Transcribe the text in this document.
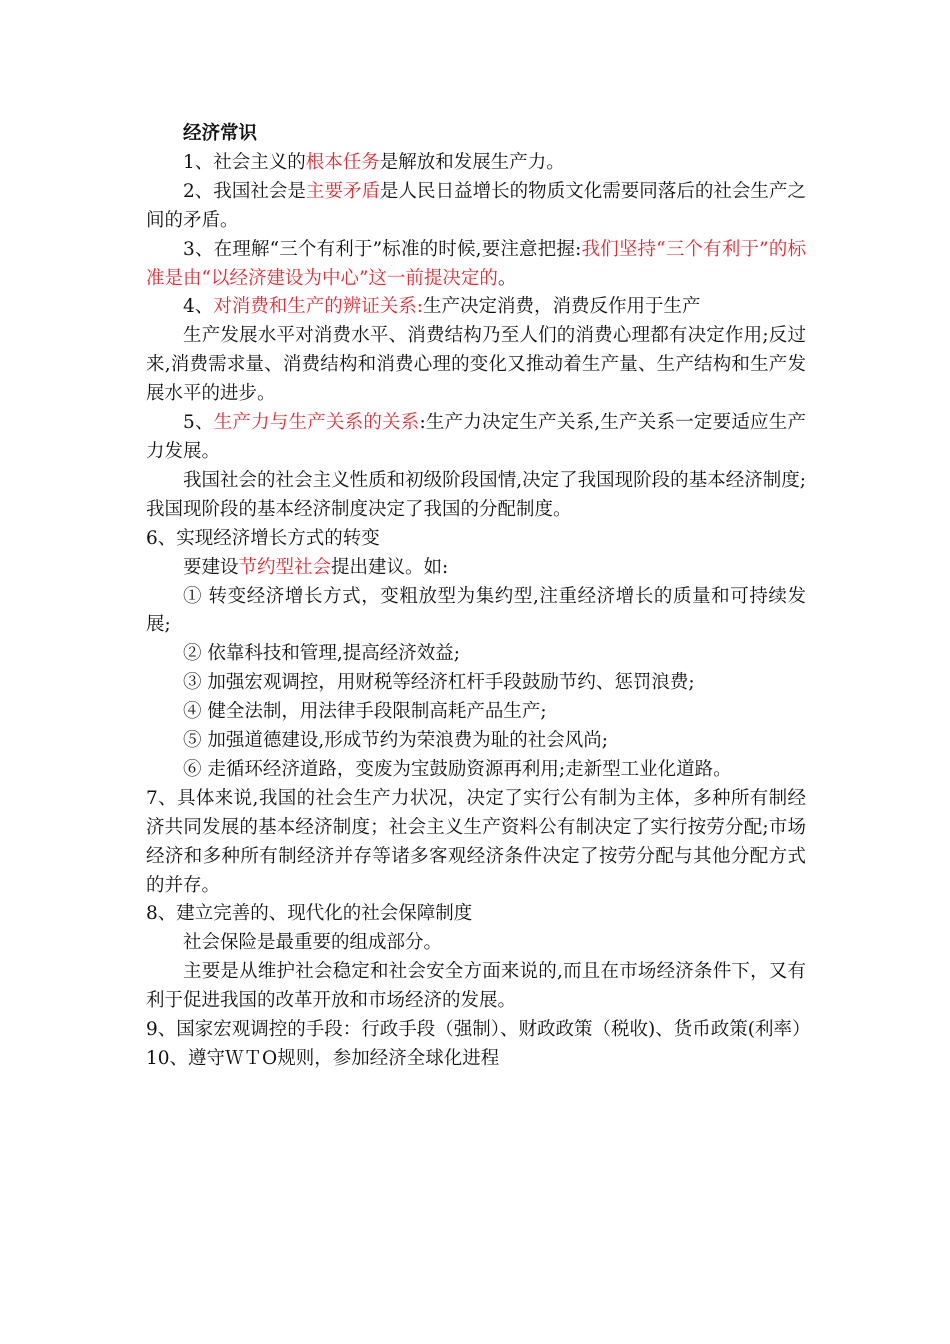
经济常识

1、社会主义的根本任务是解放和发展生产力。

2、我国社会是主要矛盾是人民日益增长的物质文化需要同落后的社会生产之间的矛盾。

3、在理解“三个有利于”标准的时候,要注意把握:我们坚持“三个有利于”的标准是由“以经济建设为中心”这一前提决定的。

4、对消费和生产的辨证关系:生产决定消费，消费反作用于生产

生产发展水平对消费水平、消费结构乃至人们的消费心理都有决定作用;反过来,消费需求量、消费结构和消费心理的变化又推动着生产量、生产结构和生产发展水平的进步。

5、生产力与生产关系的关系:生产力决定生产关系,生产关系一定要适应生产力发展。

我国社会的社会主义性质和初级阶段国情,决定了我国现阶段的基本经济制度;我国现阶段的基本经济制度决定了我国的分配制度。

6、实现经济增长方式的转变

要建设节约型社会提出建议。如:

① 转变经济增长方式，变粗放型为集约型,注重经济增长的质量和可持续发展;

② 依靠科技和管理,提高经济效益;

③ 加强宏观调控，用财税等经济杠杆手段鼓励节约、惩罚浪费;

④ 健全法制，用法律手段限制高耗产品生产;

⑤ 加强道德建设,形成节约为荣浪费为耻的社会风尚;

⑥ 走循环经济道路，变废为宝鼓励资源再利用;走新型工业化道路。

7、具体来说,我国的社会生产力状况，决定了实行公有制为主体，多种所有制经济共同发展的基本经济制度；社会主义生产资料公有制决定了实行按劳分配;市场经济和多种所有制经济并存等诸多客观经济条件决定了按劳分配与其他分配方式的并存。

8、建立完善的、现代化的社会保障制度

社会保险是最重要的组成部分。

主要是从维护社会稳定和社会安全方面来说的,而且在市场经济条件下，又有利于促进我国的改革开放和市场经济的发展。

9、国家宏观调控的手段：行政手段（强制）、财政政策（税收)、货币政策(利率）

10、遵守ＷＴO规则，参加经济全球化进程
